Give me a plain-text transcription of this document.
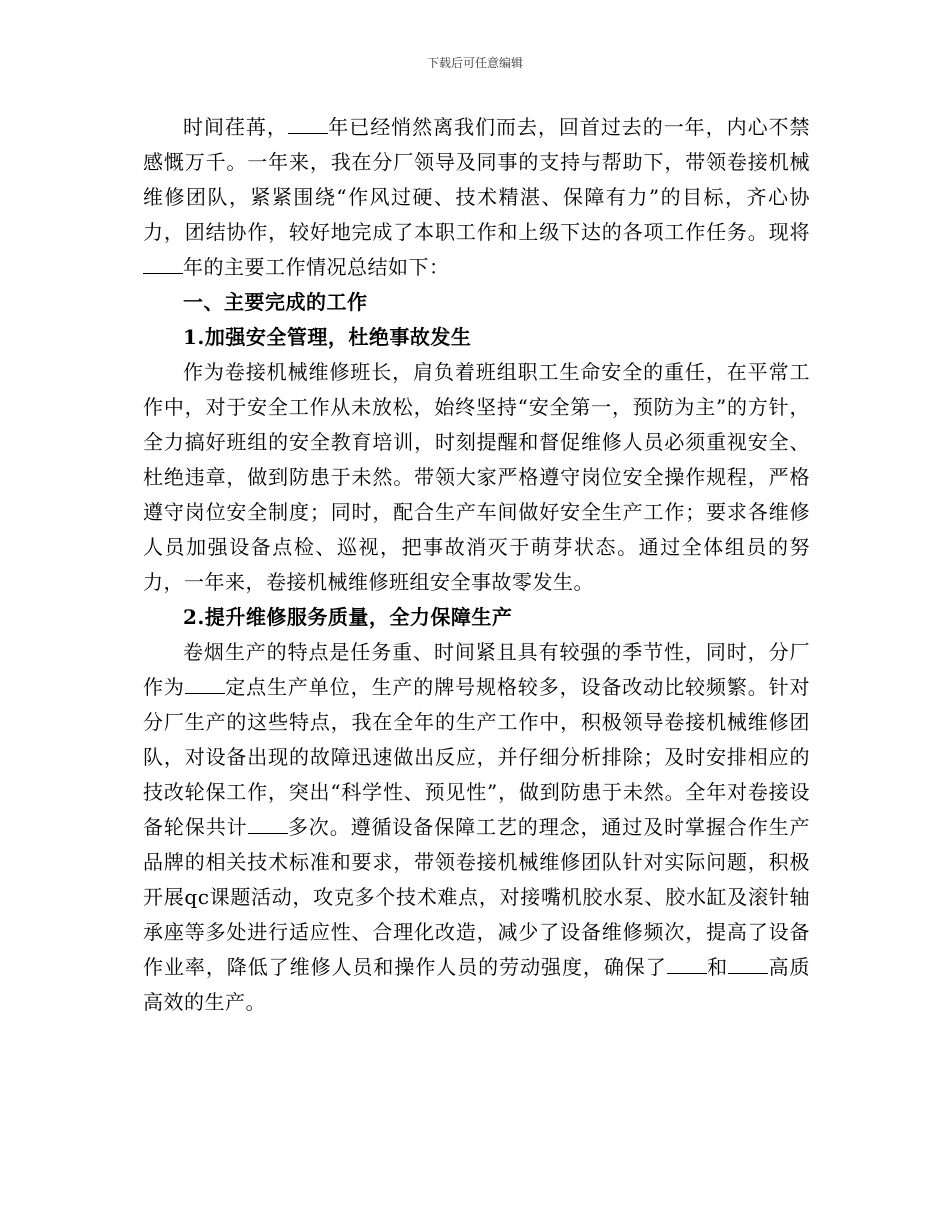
下载后可任意编辑

时间荏苒， 年已经悄然离我们而去，回首过去的一年，内心不禁感慨万千。一年来，我在分厂领导及同事的支持与帮助下，带领卷接机械维修团队，紧紧围绕“作风过硬、技术精湛、保障有力”的目标，齐心协力，团结协作，较好地完成了本职工作和上级下达的各项工作任务。现将年的主要工作情况总结如下：

一、主要完成的工作

1.加强安全管理，杜绝事故发生

作为卷接机械维修班长，肩负着班组职工生命安全的重任，在平常工作中，对于安全工作从未放松，始终坚持“安全第一，预防为主”的方针，全力搞好班组的安全教育培训，时刻提醒和督促维修人员必须重视安全、杜绝违章，做到防患于未然。带领大家严格遵守岗位安全操作规程，严格遵守岗位安全制度；同时，配合生产车间做好安全生产工作；要求各维修人员加强设备点检、巡视，把事故消灭于萌芽状态。通过全体组员的努力，一年来，卷接机械维修班组安全事故零发生。

2.提升维修服务质量，全力保障生产

卷烟生产的特点是任务重、时间紧且具有较强的季节性，同时，分厂作为 定点生产单位，生产的牌号规格较多，设备改动比较频繁。针对分厂生产的这些特点，我在全年的生产工作中，积极领导卷接机械维修团队，对设备出现的故障迅速做出反应，并仔细分析排除；及时安排相应的技改轮保工作，突出“科学性、预见性”，做到防患于未然。全年对卷接设备轮保共计 多次。遵循设备保障工艺的理念，通过及时掌握合作生产品牌的相关技术标准和要求，带领卷接机械维修团队针对实际问题，积极开展qc课题活动，攻克多个技术难点，对接嘴机胶水泵、胶水缸及滚针轴承座等多处进行适应性、合理化改造，减少了设备维修频次，提高了设备作业率，降低了维修人员和操作人员的劳动强度，确保了 和 高质高效的生产。
